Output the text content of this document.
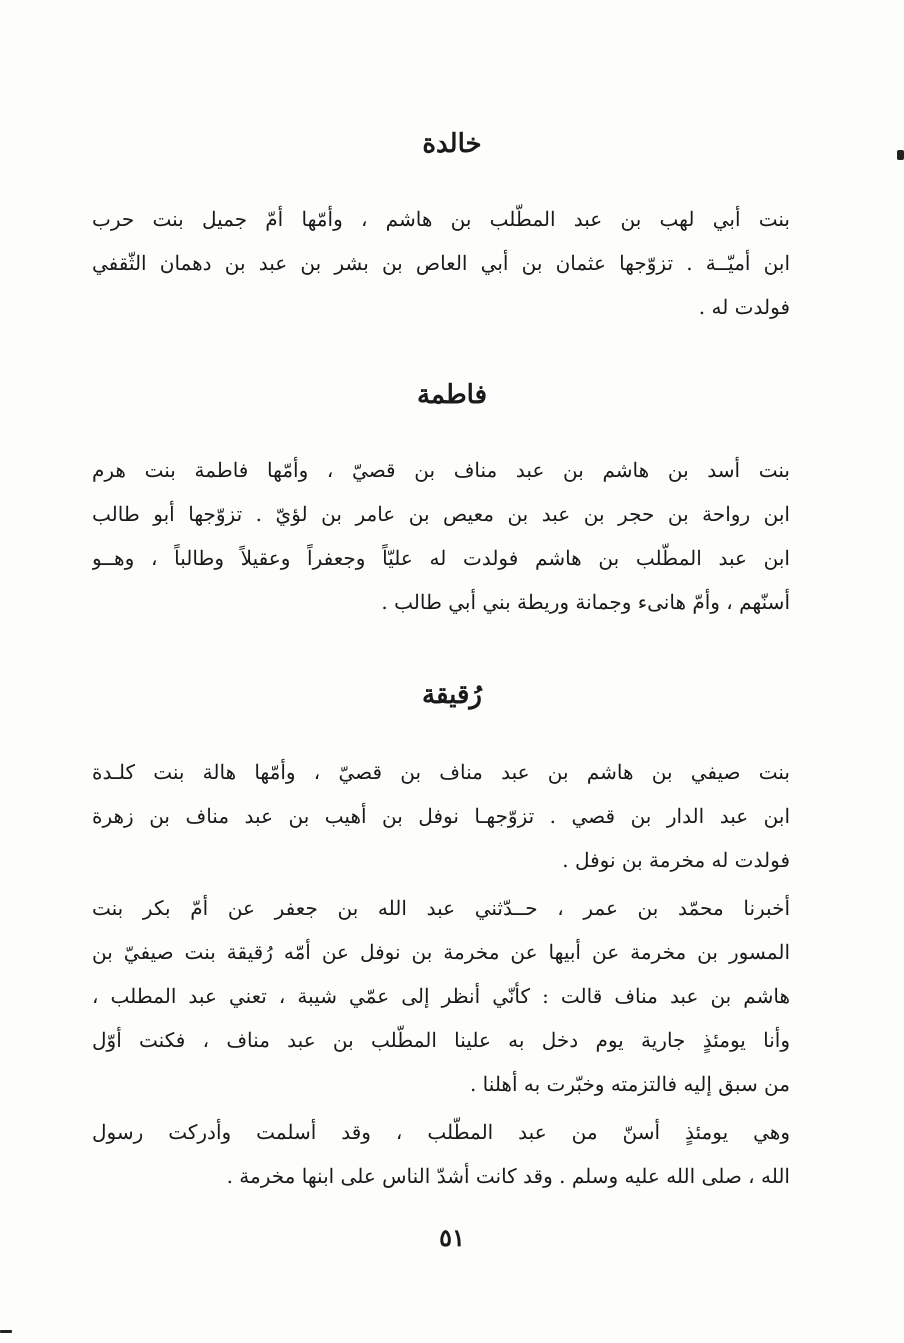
خالدة

بنت أبي لهب بن عبد المطّلب بن هاشم ، وأمّها أمّ جميل بنت حرب
ابن أميّــة . تزوّجها عثمان بن أبي العاص بن بشر بن عبد بن دهمان الثّقفي
فولدت له .

فاطمة

بنت أسد بن هاشم بن عبد مناف بن قصيّ ، وأمّها فاطمة بنت هرم
ابن رواحة بن حجر بن عبد بن معيص بن عامر بن لؤيّ . تزوّجها أبو طالب
ابن عبد المطّلب بن هاشم فولدت له عليّاً وجعفراً وعقيلاً وطالباً ، وهــو
أسنّهم ، وأمّ هانىء وجمانة وريطة بني أبي طالب .

رُقيقة

بنت صيفي بن هاشم بن عبد مناف بن قصيّ ، وأمّها هالة بنت كلـدة
ابن عبد الدار بن قصي . تزوّجهـا نوفل بن أهيب بن عبد مناف بن زهرة
فولدت له مخرمة بن نوفل .

أخبرنا محمّد بن عمر ، حــدّثني عبد الله بن جعفر عن أمّ بكر بنت
المسور بن مخرمة عن أبيها عن مخرمة بن نوفل عن أمّه رُقيقة بنت صيفيّ بن
هاشم بن عبد مناف قالت : كأنّي أنظر إلى عمّي شيبة ، تعني عبد المطلب ،
وأنا يومئذٍ جارية يوم دخل به علينا المطّلب بن عبد مناف ، فكنت أوّل
من سبق إليه فالتزمته وخبّرت به أهلنا .

وهي يومئذٍ أسنّ من عبد المطّلب ، وقد أسلمت وأدركت رسول
الله ، صلى الله عليه وسلم . وقد كانت أشدّ الناس على ابنها مخرمة .

٥١
